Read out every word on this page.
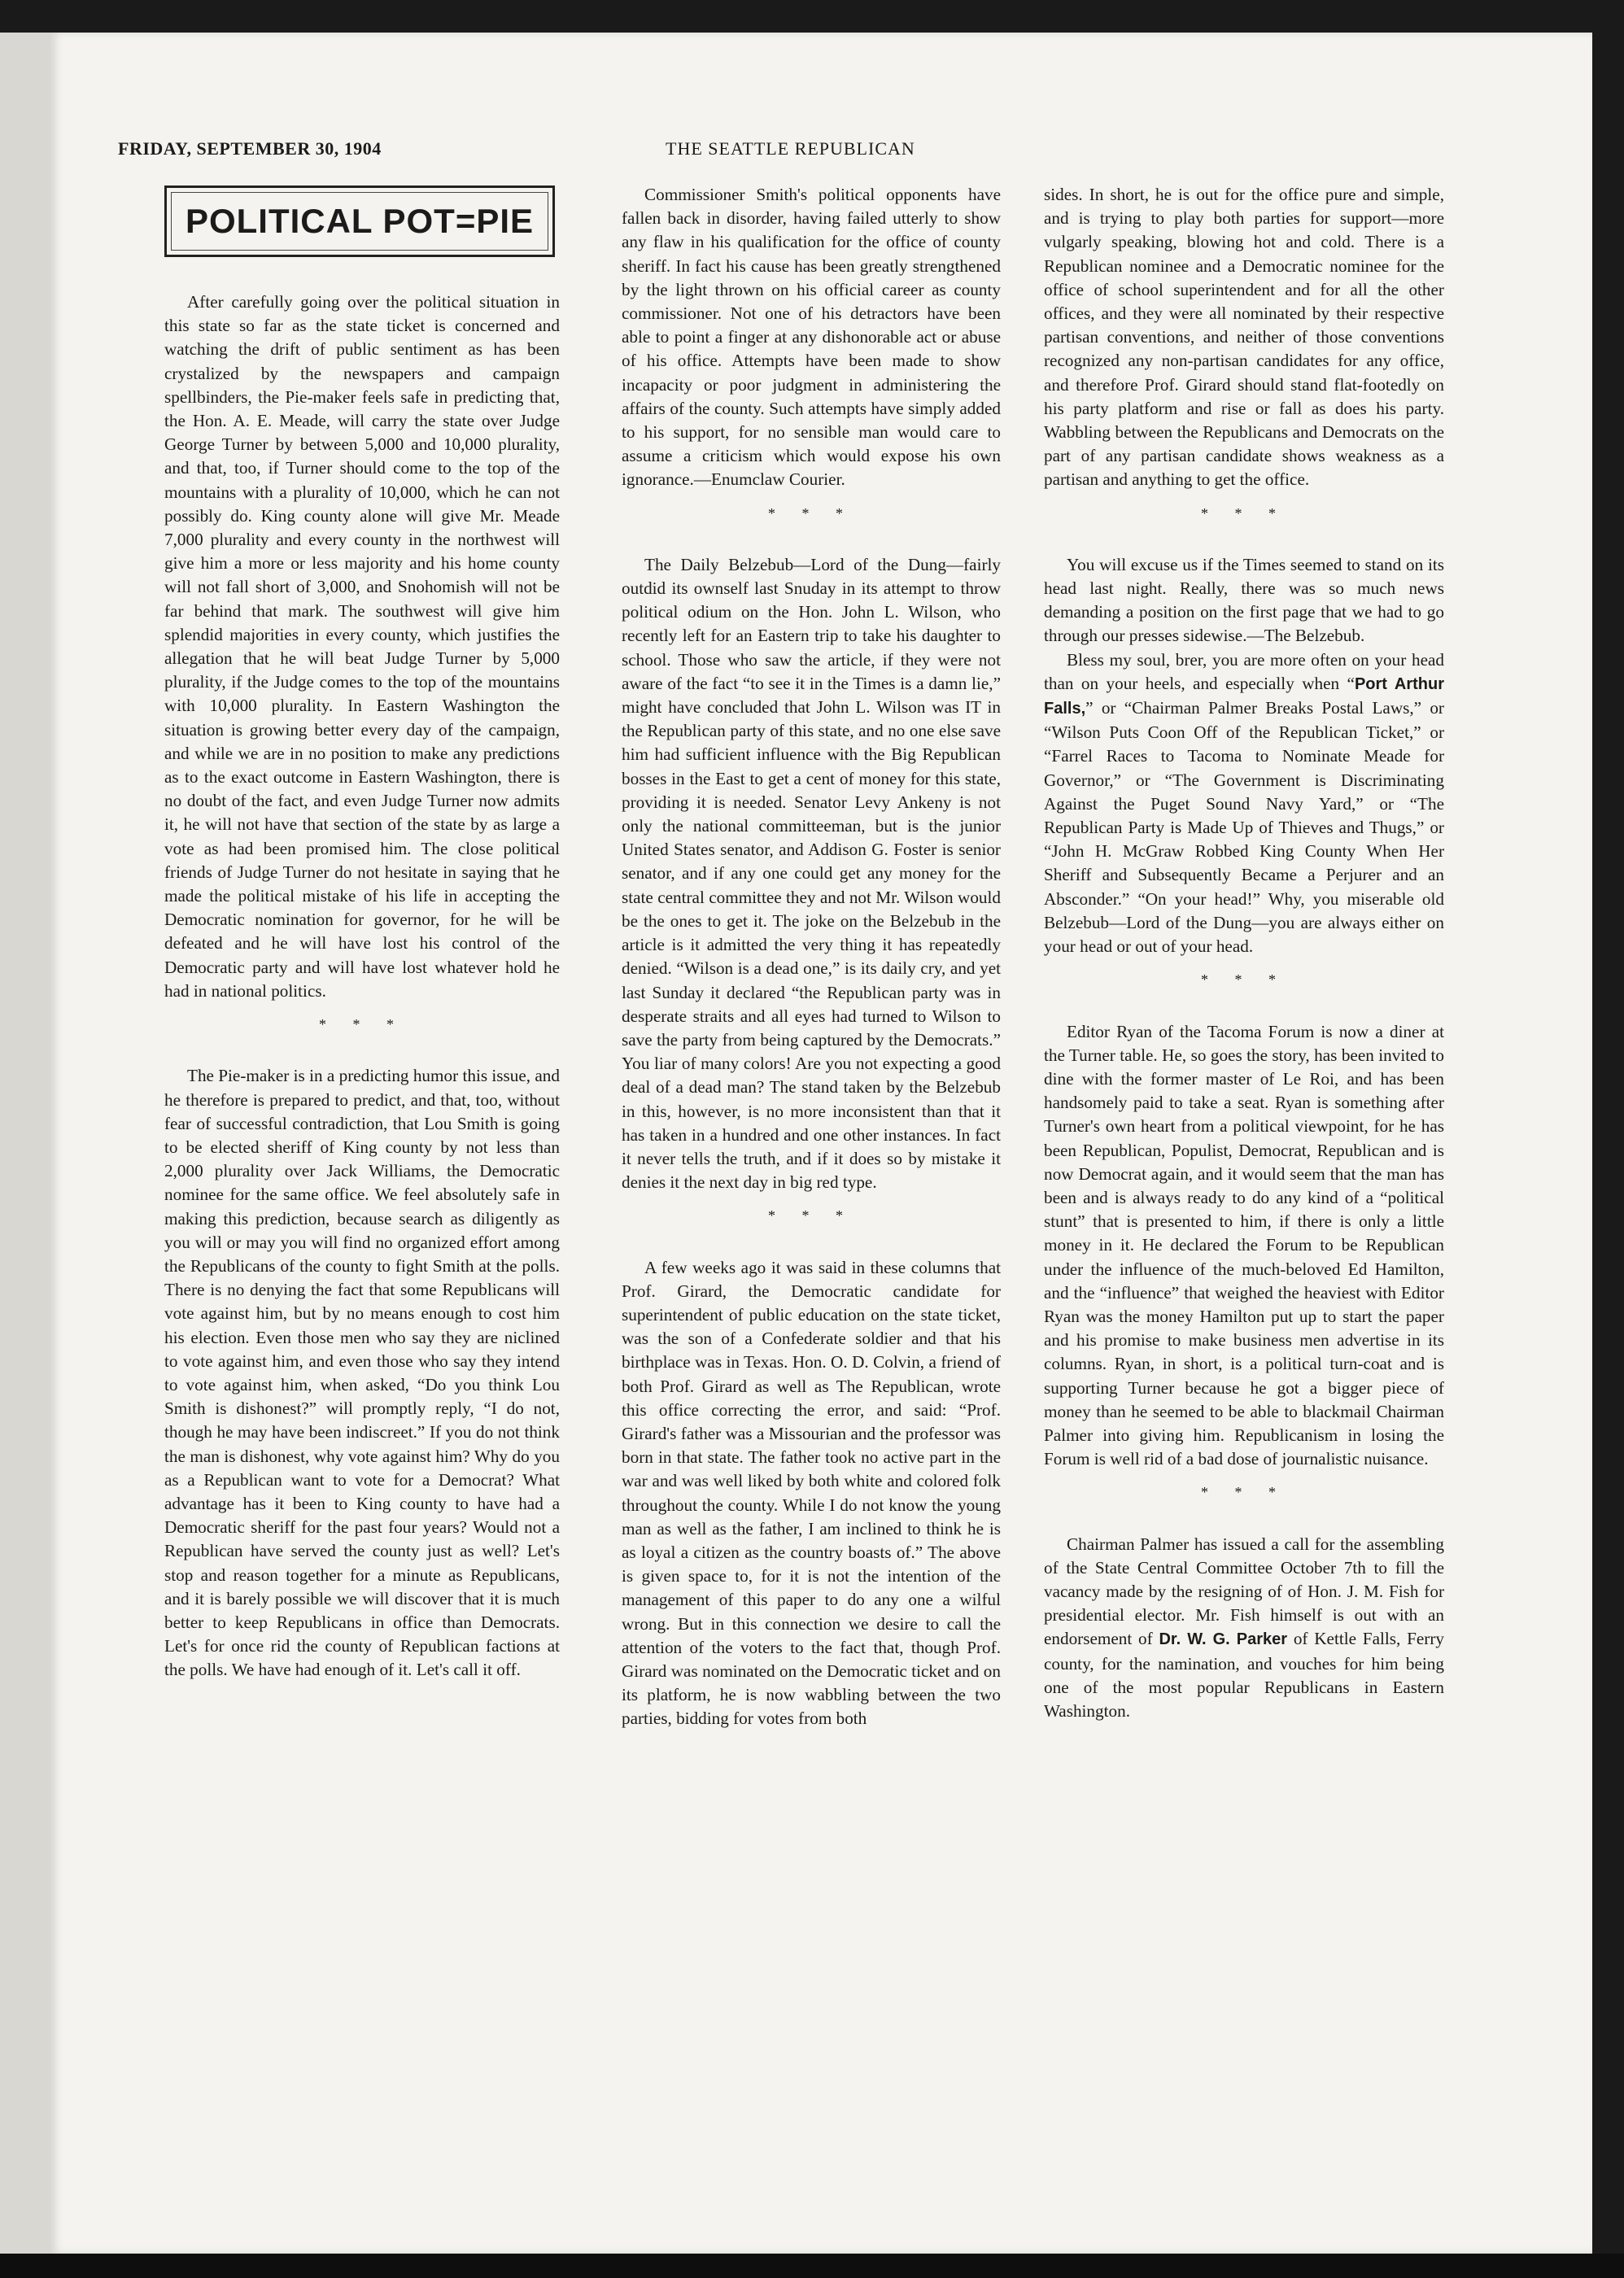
FRIDAY, SEPTEMBER 30, 1904	THE SEATTLE REPUBLICAN
POLITICAL POT=PIE

After carefully going over the political situation in this state so far as the state ticket is concerned and watching the drift of public sentiment as has been crystalized by the newspapers and campaign spellbinders, the Pie-maker feels safe in predicting that, the Hon. A. E. Meade, will carry the state over Judge George Turner by between 5,000 and 10,000 plurality, and that, too, if Turner should come to the top of the mountains with a plurality of 10,000, which he can not possibly do. King county alone will give Mr. Meade 7,000 plurality and every county in the northwest will give him a more or less majority and his home county will not fall short of 3,000, and Snohomish will not be far behind that mark. The southwest will give him splendid majorities in every county, which justifies the allegation that he will beat Judge Turner by 5,000 plurality, if the Judge comes to the top of the mountains with 10,000 plurality. In Eastern Washington the situation is growing better every day of the campaign, and while we are in no position to make any predictions as to the exact outcome in Eastern Washington, there is no doubt of the fact, and even Judge Turner now admits it, he will not have that section of the state by as large a vote as had been promised him. The close political friends of Judge Turner do not hesitate in saying that he made the political mistake of his life in accepting the Democratic nomination for governor, for he will be defeated and he will have lost his control of the Democratic party and will have lost whatever hold he had in national politics.

* * *

The Pie-maker is in a predicting humor this issue, and he therefore is prepared to predict, and that, too, without fear of successful contradiction, that Lou Smith is going to be elected sheriff of King county by not less than 2,000 plurality over Jack Williams, the Democratic nominee for the same office. We feel absolutely safe in making this prediction, because search as diligently as you will or may you will find no organized effort among the Republicans of the county to fight Smith at the polls. There is no denying the fact that some Republicans will vote against him, but by no means enough to cost him his election. Even those men who say they are niclined to vote against him, and even those who say they intend to vote against him, when asked, “Do you think Lou Smith is dishonest?” will promptly reply, “I do not, though he may have been indiscreet.” If you do not think the man is dishonest, why vote against him? Why do you as a Republican want to vote for a Democrat? What advantage has it been to King county to have had a Democratic sheriff for the past four years? Would not a Republican have served the county just as well? Let's stop and reason together for a minute as Republicans, and it is barely possible we will discover that it is much better to keep Republicans in office than Democrats. Let's for once rid the county of Republican factions at the polls. We have had enough of it. Let's call it off.

Commissioner Smith's political opponents have fallen back in disorder, having failed utterly to show any flaw in his qualification for the office of county sheriff. In fact his cause has been greatly strengthened by the light thrown on his official career as county commissioner. Not one of his detractors have been able to point a finger at any dishonorable act or abuse of his office. Attempts have been made to show incapacity or poor judgment in administering the affairs of the county. Such attempts have simply added to his support, for no sensible man would care to assume a criticism which would expose his own ignorance.—Enumclaw Courier.

* * *

The Daily Belzebub—Lord of the Dung—fairly outdid its ownself last Snuday in its attempt to throw political odium on the Hon. John L. Wilson, who recently left for an Eastern trip to take his daughter to school. Those who saw the article, if they were not aware of the fact “to see it in the Times is a damn lie,” might have concluded that John L. Wilson was IT in the Republican party of this state, and no one else save him had sufficient influence with the Big Republican bosses in the East to get a cent of money for this state, providing it is needed. Senator Levy Ankeny is not only the national committeeman, but is the junior United States senator, and Addison G. Foster is senior senator, and if any one could get any money for the state central committee they and not Mr. Wilson would be the ones to get it. The joke on the Belzebub in the article is it admitted the very thing it has repeatedly denied. “Wilson is a dead one,” is its daily cry, and yet last Sunday it declared “the Republican party was in desperate straits and all eyes had turned to Wilson to save the party from being captured by the Democrats.” You liar of many colors! Are you not expecting a good deal of a dead man? The stand taken by the Belzebub in this, however, is no more inconsistent than that it has taken in a hundred and one other instances. In fact it never tells the truth, and if it does so by mistake it denies it the next day in big red type.

* * *

A few weeks ago it was said in these columns that Prof. Girard, the Democratic candidate for superintendent of public education on the state ticket, was the son of a Confederate soldier and that his birthplace was in Texas. Hon. O. D. Colvin, a friend of both Prof. Girard as well as The Republican, wrote this office correcting the error, and said: “Prof. Girard's father was a Missourian and the professor was born in that state. The father took no active part in the war and was well liked by both white and colored folk throughout the county. While I do not know the young man as well as the father, I am inclined to think he is as loyal a citizen as the country boasts of.” The above is given space to, for it is not the intention of the management of this paper to do any one a wilful wrong. But in this connection we desire to call the attention of the voters to the fact that, though Prof. Girard was nominated on the Democratic ticket and on its platform, he is now wabbling between the two parties, bidding for votes from both

sides. In short, he is out for the office pure and simple, and is trying to play both parties for support—more vulgarly speaking, blowing hot and cold. There is a Republican nominee and a Democratic nominee for the office of school superintendent and for all the other offices, and they were all nominated by their respective partisan conventions, and neither of those conventions recognized any non-partisan candidates for any office, and therefore Prof. Girard should stand flat-footedly on his party platform and rise or fall as does his party. Wabbling between the Republicans and Democrats on the part of any partisan candidate shows weakness as a partisan and anything to get the office.

* * *

You will excuse us if the Times seemed to stand on its head last night. Really, there was so much news demanding a position on the first page that we had to go through our presses sidewise.—The Belzebub.

Bless my soul, brer, you are more often on your head than on your heels, and especially when “Port Arthur Falls,” or “Chairman Palmer Breaks Postal Laws,” or “Wilson Puts Coon Off of the Republican Ticket,” or “Farrel Races to Tacoma to Nominate Meade for Governor,” or “The Government is Discriminating Against the Puget Sound Navy Yard,” or “The Republican Party is Made Up of Thieves and Thugs,” or “John H. McGraw Robbed King County When Her Sheriff and Subsequently Became a Perjurer and an Absconder.” “On your head!” Why, you miserable old Belzebub—Lord of the Dung—you are always either on your head or out of your head.

* * *

Editor Ryan of the Tacoma Forum is now a diner at the Turner table. He, so goes the story, has been invited to dine with the former master of Le Roi, and has been handsomely paid to take a seat. Ryan is something after Turner's own heart from a political viewpoint, for he has been Republican, Populist, Democrat, Republican and is now Democrat again, and it would seem that the man has been and is always ready to do any kind of a “political stunt” that is presented to him, if there is only a little money in it. He declared the Forum to be Republican under the influence of the much-beloved Ed Hamilton, and the “influence” that weighed the heaviest with Editor Ryan was the money Hamilton put up to start the paper and his promise to make business men advertise in its columns. Ryan, in short, is a political turn-coat and is supporting Turner because he got a bigger piece of money than he seemed to be able to blackmail Chairman Palmer into giving him. Republicanism in losing the Forum is well rid of a bad dose of journalistic nuisance.

* * *

Chairman Palmer has issued a call for the assembling of the State Central Committee October 7th to fill the vacancy made by the resigning of of Hon. J. M. Fish for presidential elector. Mr. Fish himself is out with an endorsement of Dr. W. G. Parker of Kettle Falls, Ferry county, for the namination, and vouches for him being one of the most popular Republicans in Eastern Washington.
